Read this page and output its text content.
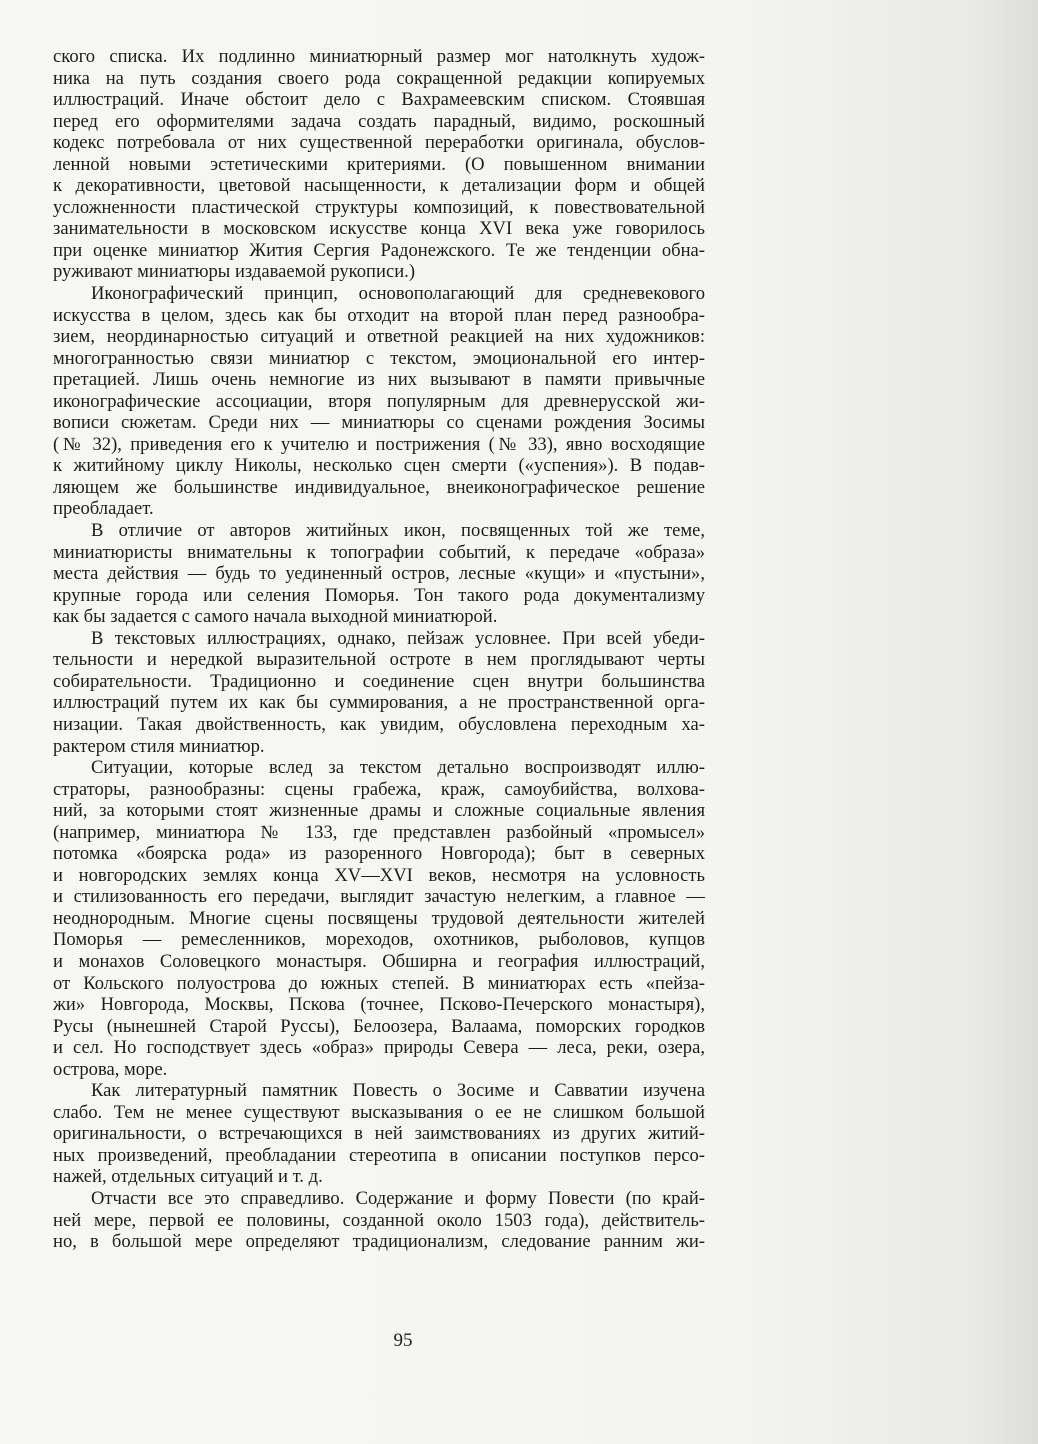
ского списка. Их подлинно миниатюрный размер мог натолкнуть худож-
ника на путь создания своего рода сокращенной редакции копируемых
иллюстраций. Иначе обстоит дело с Вахрамеевским списком. Стоявшая
перед его оформителями задача создать парадный, видимо, роскошный
кодекс потребовала от них существенной переработки оригинала, обуслов-
ленной новыми эстетическими критериями. (О повышенном внимании
к декоративности, цветовой насыщенности, к детализации форм и общей
усложненности пластической структуры композиций, к повествовательной
занимательности в московском искусстве конца XVI века уже говорилось
при оценке миниатюр Жития Сергия Радонежского. Те же тенденции обна-
руживают миниатюры издаваемой рукописи.)

Иконографический принцип, основополагающий для средневекового
искусства в целом, здесь как бы отходит на второй план перед разнообра-
зием, неординарностью ситуаций и ответной реакцией на них художников:
многогранностью связи миниатюр с текстом, эмоциональной его интер-
претацией. Лишь очень немногие из них вызывают в памяти привычные
иконографические ассоциации, вторя популярным для древнерусской жи-
вописи сюжетам. Среди них — миниатюры со сценами рождения Зосимы
(№ 32), приведения его к учителю и пострижения (№ 33), явно восходящие
к житийному циклу Николы, несколько сцен смерти («успения»). В подав-
ляющем же большинстве индивидуальное, внеиконографическое решение
преобладает.

В отличие от авторов житийных икон, посвященных той же теме,
миниатюристы внимательны к топографии событий, к передаче «образа»
места действия — будь то уединенный остров, лесные «кущи» и «пустыни»,
крупные города или селения Поморья. Тон такого рода документализму
как бы задается с самого начала выходной миниатюрой.

В текстовых иллюстрациях, однако, пейзаж условнее. При всей убеди-
тельности и нередкой выразительной остроте в нем проглядывают черты
собирательности. Традиционно и соединение сцен внутри большинства
иллюстраций путем их как бы суммирования, а не пространственной орга-
низации. Такая двойственность, как увидим, обусловлена переходным ха-
рактером стиля миниатюр.

Ситуации, которые вслед за текстом детально воспроизводят иллю-
страторы, разнообразны: сцены грабежа, краж, самоубийства, волхова-
ний, за которыми стоят жизненные драмы и сложные социальные явления
(например, миниатюра № 133, где представлен разбойный «промысел»
потомка «боярска рода» из разоренного Новгорода); быт в северных
и новгородских землях конца XV—XVI веков, несмотря на условность
и стилизованность его передачи, выглядит зачастую нелегким, а главное —
неоднородным. Многие сцены посвящены трудовой деятельности жителей
Поморья — ремесленников, мореходов, охотников, рыболовов, купцов
и монахов Соловецкого монастыря. Обширна и география иллюстраций,
от Кольского полуострова до южных степей. В миниатюрах есть «пейза-
жи» Новгорода, Москвы, Пскова (точнее, Псково-Печерского монастыря),
Русы (нынешней Старой Руссы), Белоозера, Валаама, поморских городков
и сел. Но господствует здесь «образ» природы Севера — леса, реки, озера,
острова, море.

Как литературный памятник Повесть о Зосиме и Савватии изучена
слабо. Тем не менее существуют высказывания о ее не слишком большой
оригинальности, о встречающихся в ней заимствованиях из других житий-
ных произведений, преобладании стереотипа в описании поступков персо-
нажей, отдельных ситуаций и т. д.

Отчасти все это справедливо. Содержание и форму Повести (по край-
ней мере, первой ее половины, созданной около 1503 года), действитель-
но, в большой мере определяют традиционализм, следование ранним жи-

95
